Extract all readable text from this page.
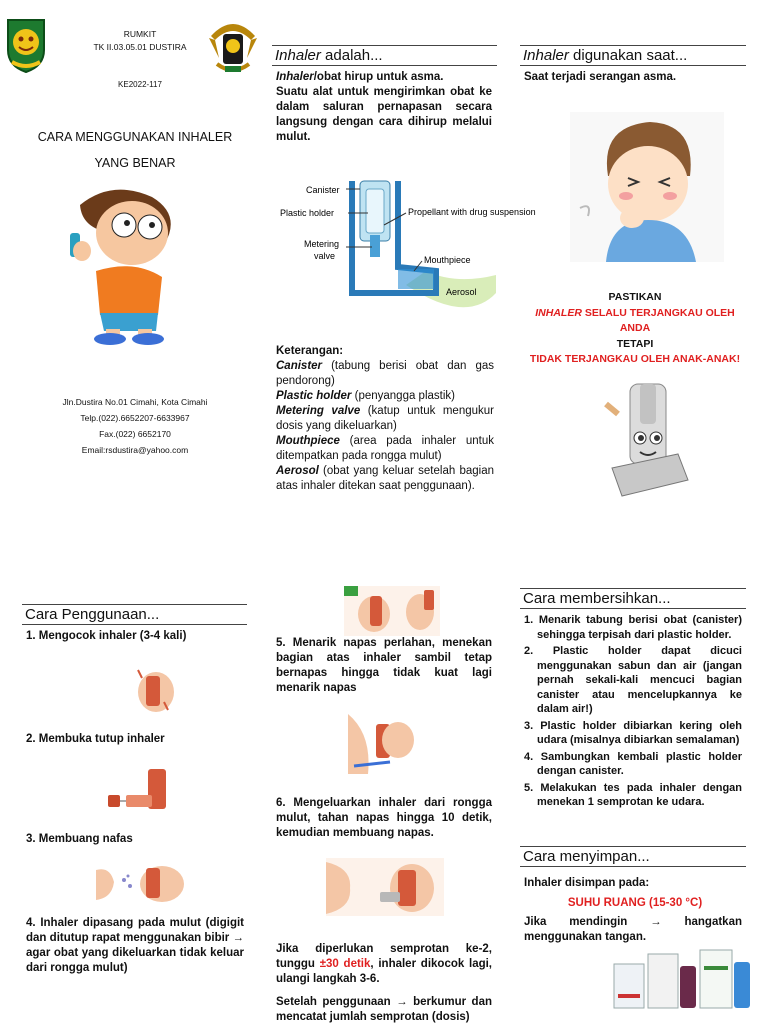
RUMKIT
TK II.03.05.01 DUSTIRA
KE2022-117
CARA MENGGUNAKAN INHALER
YANG BENAR
Jln.Dustira No.01 Cimahi, Kota Cimahi
Telp.(022).6652207-6633967
Fax.(022) 6652170
Email:rsdustira@yahoo.com
Inhaler adalah...
Inhaler/obat hirup untuk asma.
Suatu alat untuk mengirimkan obat ke dalam saluran pernapasan secara langsung dengan cara dihirup melalui mulut.
Canister
Plastic holder	Propellant with drug suspension
Metering
valve	Mouthpiece
Aerosol
Keterangan:
Canister (tabung berisi obat dan gas pendorong)
Plastic holder (penyangga plastik)
Metering valve (katup untuk mengukur dosis yang dikeluarkan)
Mouthpiece (area pada inhaler untuk ditempatkan pada rongga mulut)
Aerosol (obat yang keluar setelah bagian atas inhaler ditekan saat penggunaan).
Inhaler digunakan saat...
Saat terjadi serangan asma.
PASTIKAN
INHALER SELALU TERJANGKAU OLEH
ANDA
TETAPI
TIDAK TERJANGKAU OLEH ANAK-ANAK!
Cara Penggunaan...
1. Mengocok inhaler (3-4 kali)
2. Membuka tutup inhaler
3. Membuang nafas
4. Inhaler dipasang pada mulut (digigit dan ditutup rapat menggunakan bibir → agar obat yang dikeluarkan tidak keluar dari rongga mulut)
5. Menarik napas perlahan, menekan bagian atas inhaler sambil tetap bernapas hingga tidak kuat lagi menarik napas
6. Mengeluarkan inhaler dari rongga mulut, tahan napas hingga 10 detik, kemudian membuang napas.
Jika diperlukan semprotan ke-2, tunggu ±30 detik, inhaler dikocok lagi, ulangi langkah 3-6.
Setelah penggunaan → berkumur dan mencatat jumlah semprotan (dosis)
Cara membersihkan...
1. Menarik tabung berisi obat (canister) sehingga terpisah dari plastic holder.
2. Plastic holder dapat dicuci menggunakan sabun dan air (jangan pernah sekali-kali mencuci bagian canister atau mencelupkannya ke dalam air!)
3. Plastic holder dibiarkan kering oleh udara (misalnya dibiarkan semalaman)
4. Sambungkan kembali plastic holder dengan canister.
5. Melakukan tes pada inhaler dengan menekan 1 semprotan ke udara.
Cara menyimpan...
Inhaler disimpan pada:
SUHU RUANG (15-30 °C)
Jika mendingin → hangatkan menggunakan tangan.
